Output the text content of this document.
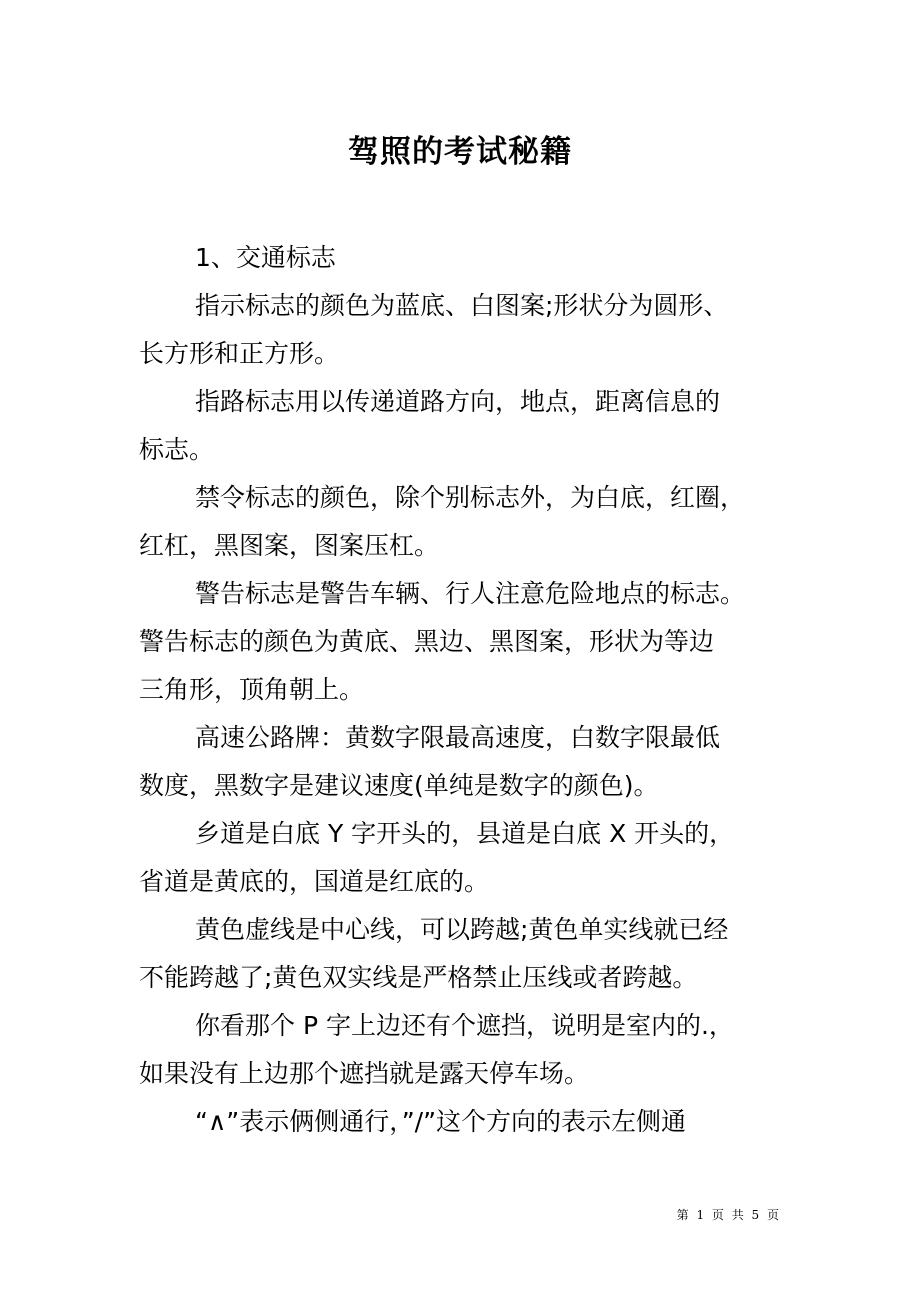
驾照的考试秘籍

1、交通标志

指示标志的颜色为蓝底、白图案;形状分为圆形、
长方形和正方形。

指路标志用以传递道路方向，地点，距离信息的
标志。

禁令标志的颜色，除个别标志外，为白底，红圈，
红杠，黑图案，图案压杠。

警告标志是警告车辆、行人注意危险地点的标志。
警告标志的颜色为黄底、黑边、黑图案，形状为等边
三角形，顶角朝上。

高速公路牌：黄数字限最高速度，白数字限最低
数度，黑数字是建议速度(单纯是数字的颜色)。

乡道是白底 Y 字开头的，县道是白底 X 开头的，
省道是黄底的，国道是红底的。

黄色虚线是中心线，可以跨越;黄色单实线就已经
不能跨越了;黄色双实线是严格禁止压线或者跨越。

你看那个 P 字上边还有个遮挡，说明是室内的.，
如果没有上边那个遮挡就是露天停车场。

“∧”表示俩侧通行，”/”这个方向的表示左侧通

第 1 页 共 5 页
